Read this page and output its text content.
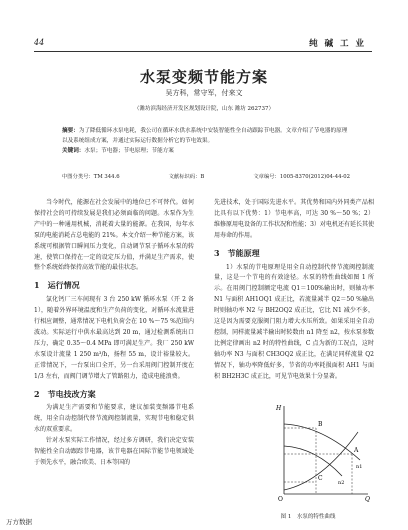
44	纯 碱 工 业
水泵变频节能方案
吴方科，常守军，付来文
（潍坊滨海经济开发区规划设计院，山东 潍坊 262737）
摘要：为了降低循环水泵电耗，我公司在循环水供水系统中安装智能性全自动跟踪节电器。文章介绍了节电器的原理以及系统组成方案，并通过实际运行数据分析它的节电效果。
关键词：水泵；节电器；节电原理；节能方案
中图分类号：TM 344.6	文献标识码：B	文章编号：1005-8370(2012)04-44-02

当今时代，能源在社会发展中的地位已不可替代。如何保持社会的可持续发展是我们必须面临的问题。水泵作为生产中的一种通用机械，消耗着大量的能源。在我国，每年水泵的电能消耗占总电能的 21%。本文介绍一种节能方案，该系统可根据管口瞬间压力变化，自动调节泵子循环水泵的转速，使管口保持在一定的设定压力值，并满足生产需求，使整个系统始终保持高效节能的最佳状态。

1　运行情况

氯化钙厂三车间现有 3 台 250 kW 循环水泵（开 2 备 1），随着外界环境温度和生产负荷的变化，对循环水流量进行相应调整，通常情况下电机负荷会在 10 %～75 %范围内波动。实际运行中供水最高达到 20 m，通过检测系统出口压力，确定 0.35～0.4 MPa 即可满足生产。我厂 250 kW 水泵设计流量 1 250 m³/h，扬程 55 m，设计裕量较大。正常情况下，一台泵出口全开，另一台采用阀门控制开度在 1/3 左右，而阀门调节增大了管路阻力，造成电能浪费。

2　节电技改方案

为满足生产需要和节能要求，建议加装变频器节电系统，用全自动控制代替节流阀控制流量，实现节电和稳定供水的双重要求。

针对水泵实际工作情况，经过多方调研，我们决定安装智能性全自动跟踪节电器，该节电器在国际节能节电领域处于领先水平，融合欧美、日本等国的

先进技术，处于国际先进水平。其优势和国内外同类产品相比具有以下优势：1）节电率高，可达 30 %～50 %；2）维修原用电设备的工作状况和性能；3）对电机还有延长其使用寿命的作用。

3　节能原理

1）水泵的节电原理是用全自动控制代替节流阀控制流量，这是一个节电的有效途径。水泵的特性曲线如图 1 所示。在用阀门控制额定电流 Q1＝100%输出时，则轴功率 N1 与面积 AH1OQ1 成正比，若流量减半 Q2＝50 %输出时则轴功率 N2 与 BH2OQ2 成正比，它比 N1 减少不多，这是因为需要克服阀门阻力增大水压所致。如果采用全自动控制，同样流量减半输出时转数由 n1 降至 n2，按水泵参数比例定律画出 n2 时的特性曲线，C 点为新的工况点，这时轴功率 N3 与面积 CH3OQ2 成正比，在满足同样流量 Q2 情况下，轴功率降低好多，节省的功率耗损面积 AH1 与面积 BH2H3C 成正比，可见节电效果十分显著。

H
Q
O
A
B
C
n1
n2
图 1　水泵的特性曲线
万方数据
